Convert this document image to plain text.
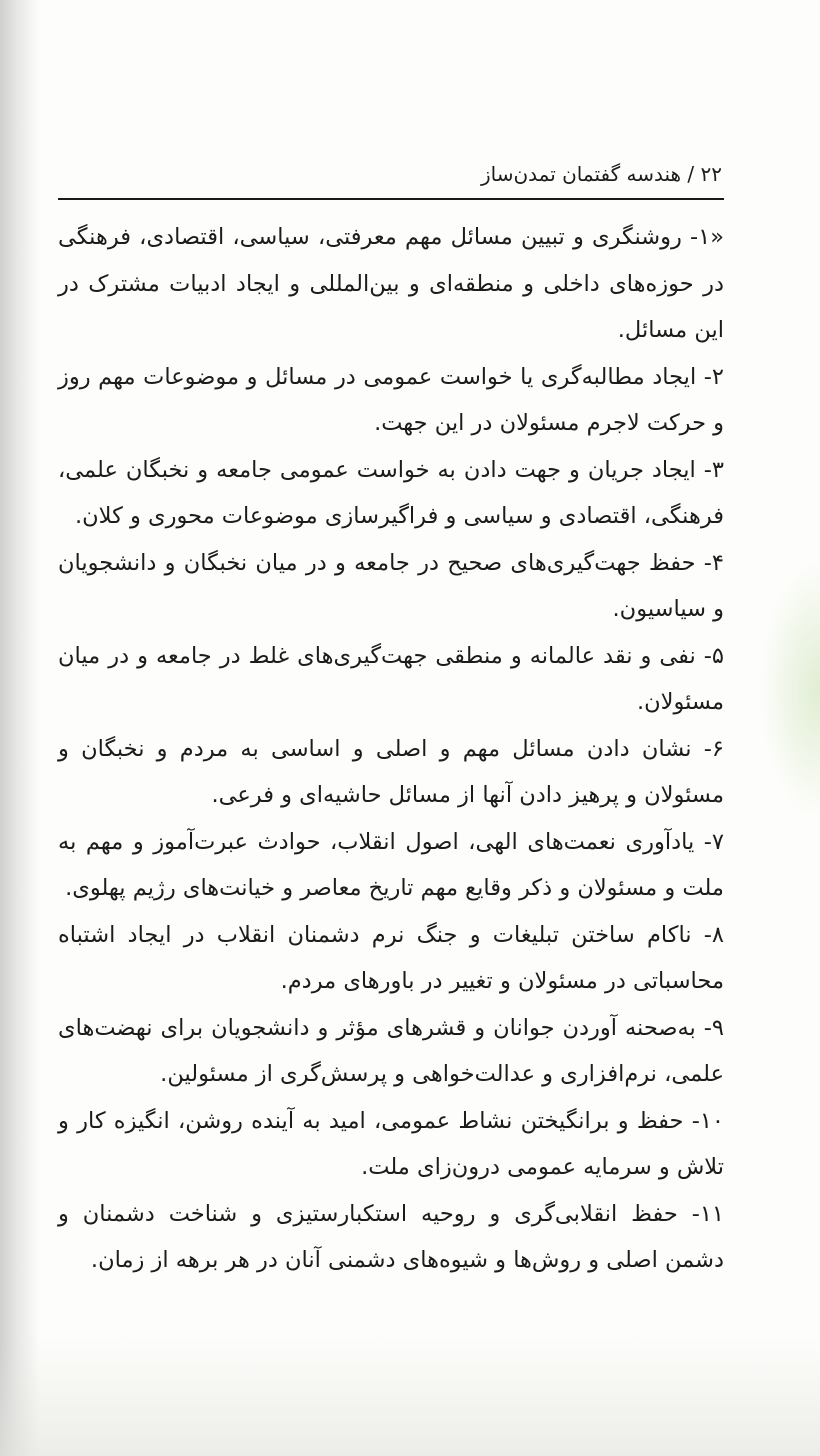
۲۲ / هندسه گفتمان تمدن‌ساز

«۱- روشنگری و تبیین مسائل مهم معرفتی، سیاسی، اقتصادی، فرهنگی در حوزه‌های داخلی و منطقه‌ای و بین‌المللی و ایجاد ادبیات مشترک در این مسائل.

۲- ایجاد مطالبه‌گری یا خواست عمومی در مسائل و موضوعات مهم روز و حرکت لاجرم مسئولان در این جهت.

۳- ایجاد جریان و جهت دادن به خواست عمومی جامعه و نخبگان علمی، فرهنگی، اقتصادی و سیاسی و فراگیرسازی موضوعات محوری و کلان.

۴- حفظ جهت‌گیری‌های صحیح در جامعه و در میان نخبگان و دانشجویان و سیاسیون.

۵- نفی و نقد عالمانه و منطقی جهت‌گیری‌های غلط در جامعه و در میان مسئولان.

۶- نشان دادن مسائل مهم و اصلی و اساسی به مردم و نخبگان و مسئولان و پرهیز دادن آنها از مسائل حاشیه‌ای و فرعی.

۷- یادآوری نعمت‌های الهی، اصول انقلاب، حوادث عبرت‌آموز و مهم به ملت و مسئولان و ذکر وقایع مهم تاریخ معاصر و خیانت‌های رژیم پهلوی.

۸- ناکام ساختن تبلیغات و جنگ نرم دشمنان انقلاب در ایجاد اشتباه محاسباتی در مسئولان و تغییر در باورهای مردم.

۹- به‌صحنه آوردن جوانان و قشرهای مؤثر و دانشجویان برای نهضت‌های علمی، نرم‌افزاری و عدالت‌خواهی و پرسش‌گری از مسئولین.

۱۰- حفظ و برانگیختن نشاط عمومی، امید به آینده روشن، انگیزه کار و تلاش و سرمایه عمومی درون‌زای ملت.

۱۱- حفظ انقلابی‌گری و روحیه استکبارستیزی و شناخت دشمنان و دشمن اصلی و روش‌ها و شیوه‌های دشمنی آنان در هر برهه از زمان.
